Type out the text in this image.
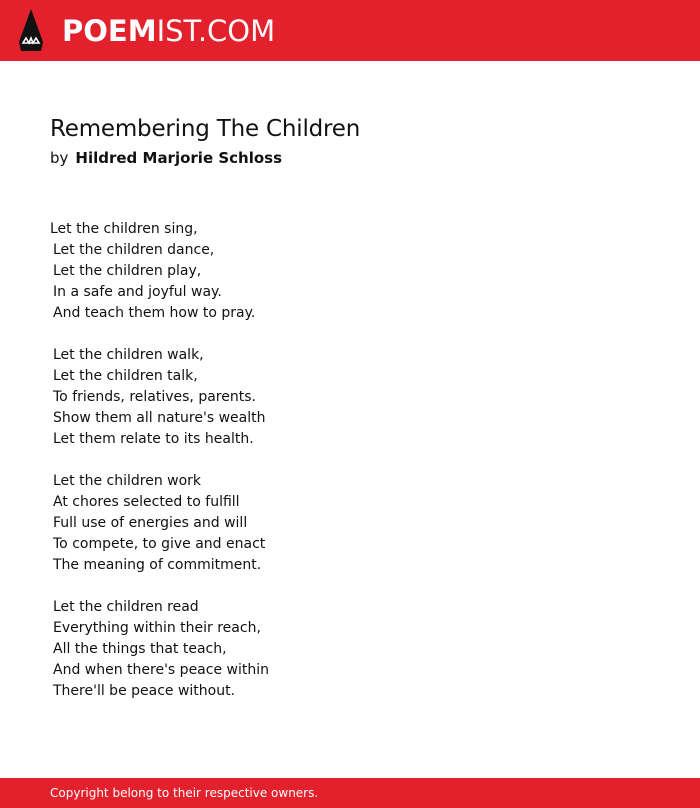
POEMIST.COM
Remembering The Children
by Hildred Marjorie Schloss
Let the children sing,
Let the children dance,
Let the children play,
In a safe and joyful way.
And teach them how to pray.
Let the children walk,
Let the children talk,
To friends, relatives, parents.
Show them all nature's wealth
Let them relate to its health.
Let the children work
At chores selected to fulfill
Full use of energies and will
To compete, to give and enact
The meaning of commitment.
Let the children read
Everything within their reach,
All the things that teach,
And when there's peace within
There'll be peace without.
Copyright belong to their respective owners.
